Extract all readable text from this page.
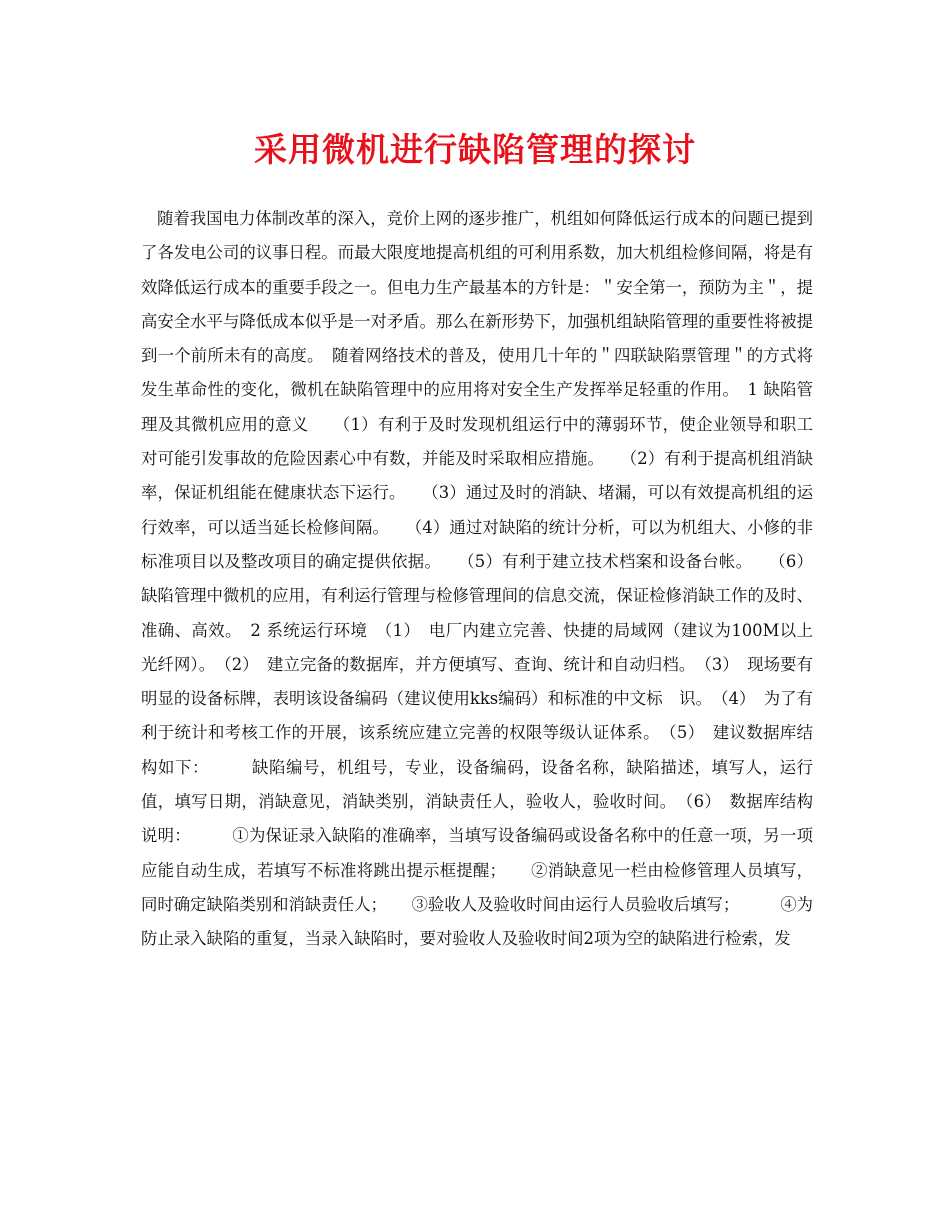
采用微机进行缺陷管理的探讨

随着我国电力体制改革的深入，竞价上网的逐步推广，机组如何降低运行成本的问题已提到了各发电公司的议事日程。而最大限度地提高机组的可利用系数，加大机组检修间隔，将是有效降低运行成本的重要手段之一。但电力生产最基本的方针是：＂安全第一，预防为主＂，提高安全水平与降低成本似乎是一对矛盾。那么在新形势下，加强机组缺陷管理的重要性将被提到一个前所未有的高度。　随着网络技术的普及，使用几十年的＂四联缺陷票管理＂的方式将发生革命性的变化，微机在缺陷管理中的应用将对安全生产发挥举足轻重的作用。　1 缺陷管理及其微机应用的意义　　（1）有利于及时发现机组运行中的薄弱环节，使企业领导和职工对可能引发事故的危险因素心中有数，并能及时采取相应措施。　　（2）有利于提高机组消缺率，保证机组能在健康状态下运行。　　（3）通过及时的消缺、堵漏，可以有效提高机组的运行效率，可以适当延长检修间隔。　　（4）通过对缺陷的统计分析，可以为机组大、小修的非标准项目以及整改项目的确定提供依据。　　（5）有利于建立技术档案和设备台帐。　　（6）缺陷管理中微机的应用，有利运行管理与检修管理间的信息交流，保证检修消缺工作的及时、准确、高效。　2 系统运行环境　（1）　电厂内建立完善、快捷的局域网（建议为100M以上光纤网）。　（2）　建立完备的数据库，并方便填写、查询、统计和自动归档。　（3）　现场要有明显的设备标牌，表明该设备编码（建议使用kks编码）和标准的中文标　识。　（4）　为了有利于统计和考核工作的开展，该系统应建立完善的权限等级认证体系。　（5）　建议数据库结构如下：　　　缺陷编号，机组号，专业，设备编码，设备名称，缺陷描述，填写人，运行值，填写日期，消缺意见，消缺类别，消缺责任人，验收人，验收时间。　（6）　数据库结构说明：　　　①为保证录入缺陷的准确率，当填写设备编码或设备名称中的任意一项，另一项应能自动生成，若填写不标准将跳出提示框提醒；　　②消缺意见一栏由检修管理人员填写，同时确定缺陷类别和消缺责任人；　　③验收人及验收时间由运行人员验收后填写；　　　④为防止录入缺陷的重复，当录入缺陷时，要对验收人及验收时间2项为空的缺陷进行检索，发
